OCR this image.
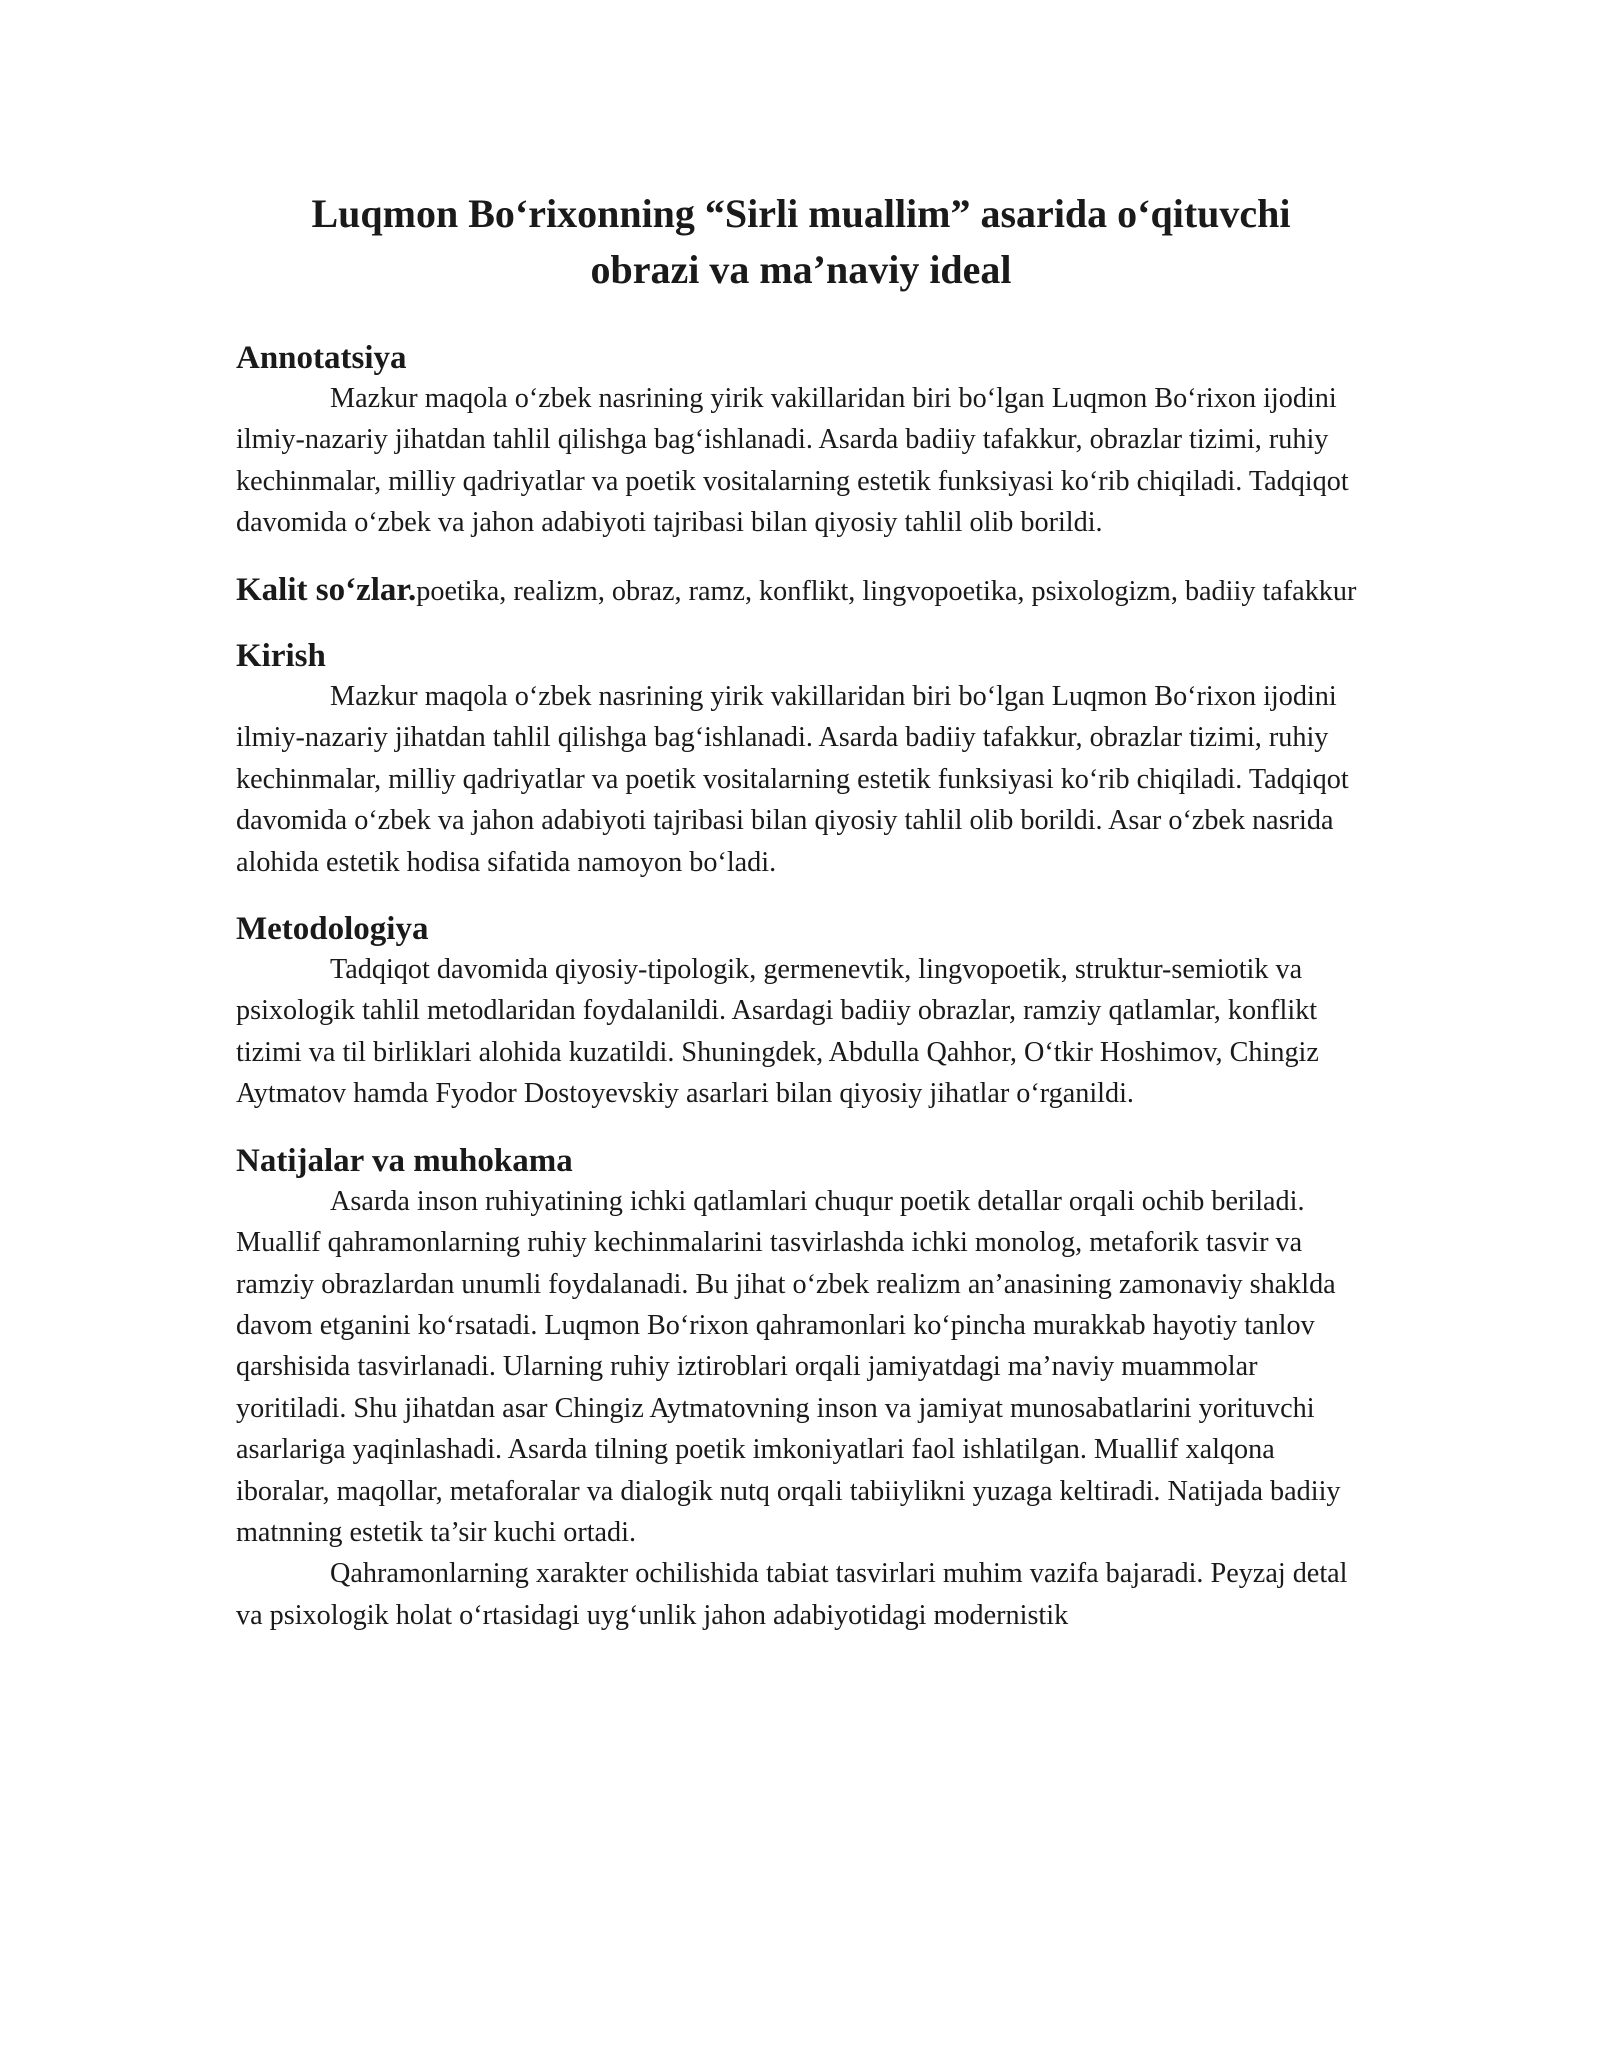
Luqmon Bo‘rixonning “Sirli muallim” asarida o‘qituvchi
obrazi va ma’naviy ideal
Annotatsiya

Mazkur maqola o‘zbek nasrining yirik vakillaridan biri bo‘lgan Luqmon Bo‘rixon ijodini ilmiy-nazariy jihatdan tahlil qilishga bag‘ishlanadi. Asarda badiiy tafakkur, obrazlar tizimi, ruhiy kechinmalar, milliy qadriyatlar va poetik vositalarning estetik funksiyasi ko‘rib chiqiladi. Tadqiqot davomida o‘zbek va jahon adabiyoti tajribasi bilan qiyosiy tahlil olib borildi.

Kalit so‘zlar.poetika, realizm, obraz, ramz, konflikt, lingvopoetika, psixologizm, badiiy tafakkur

Kirish

Mazkur maqola o‘zbek nasrining yirik vakillaridan biri bo‘lgan Luqmon Bo‘rixon ijodini ilmiy-nazariy jihatdan tahlil qilishga bag‘ishlanadi. Asarda badiiy tafakkur, obrazlar tizimi, ruhiy kechinmalar, milliy qadriyatlar va poetik vositalarning estetik funksiyasi ko‘rib chiqiladi. Tadqiqot davomida o‘zbek va jahon adabiyoti tajribasi bilan qiyosiy tahlil olib borildi. Asar o‘zbek nasrida alohida estetik hodisa sifatida namoyon bo‘ladi.

Metodologiya

Tadqiqot davomida qiyosiy-tipologik, germenevtik, lingvopoetik, struktur-semiotik va psixologik tahlil metodlaridan foydalanildi. Asardagi badiiy obrazlar, ramziy qatlamlar, konflikt tizimi va til birliklari alohida kuzatildi. Shuningdek, Abdulla Qahhor, O‘tkir Hoshimov, Chingiz Aytmatov hamda Fyodor Dostoyevskiy asarlari bilan qiyosiy jihatlar o‘rganildi.

Natijalar va muhokama

Asarda inson ruhiyatining ichki qatlamlari chuqur poetik detallar orqali ochib beriladi. Muallif qahramonlarning ruhiy kechinmalarini tasvirlashda ichki monolog, metaforik tasvir va ramziy obrazlardan unumli foydalanadi. Bu jihat o‘zbek realizm an’anasining zamonaviy shaklda davom etganini ko‘rsatadi. Luqmon Bo‘rixon qahramonlari ko‘pincha murakkab hayotiy tanlov qarshisida tasvirlanadi. Ularning ruhiy iztiroblari orqali jamiyatdagi ma’naviy muammolar yoritiladi. Shu jihatdan asar Chingiz Aytmatovning inson va jamiyat munosabatlarini yorituvchi asarlariga yaqinlashadi. Asarda tilning poetik imkoniyatlari faol ishlatilgan. Muallif xalqona iboralar, maqollar, metaforalar va dialogik nutq orqali tabiiylikni yuzaga keltiradi. Natijada badiiy matnning estetik ta’sir kuchi ortadi.

Qahramonlarning xarakter ochilishida tabiat tasvirlari muhim vazifa bajaradi. Peyzaj detal va psixologik holat o‘rtasidagi uyg‘unlik jahon adabiyotidagi modernistik
